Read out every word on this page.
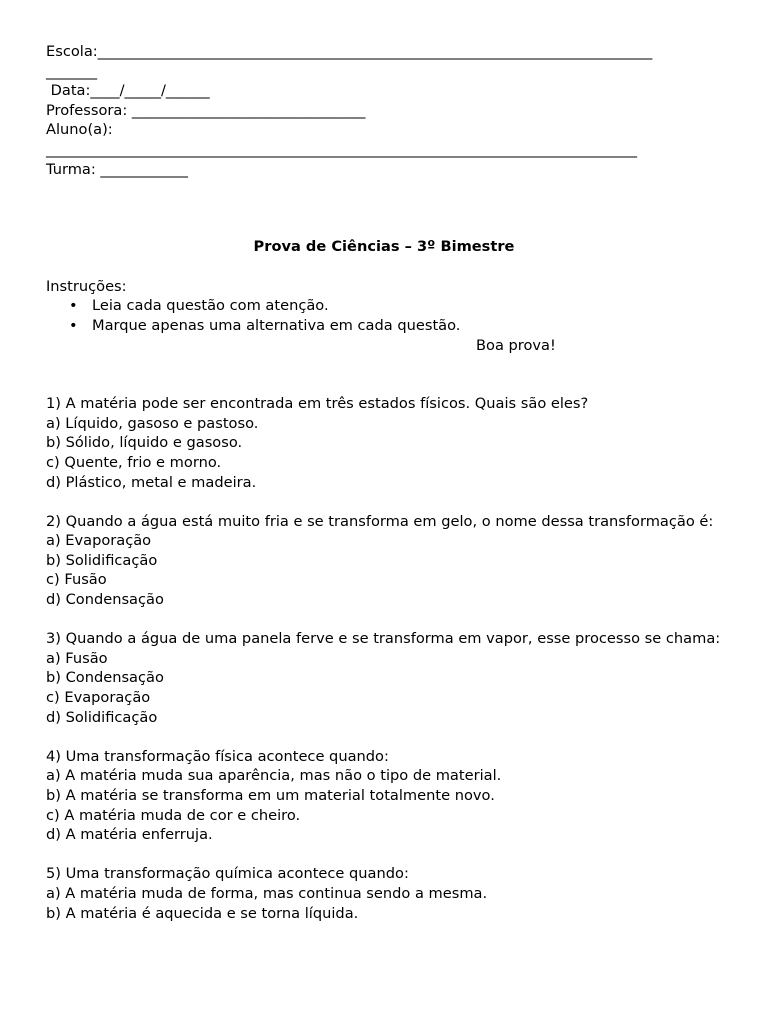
Escola:____________________________________________________________________________

_______

Data:____/_____/______

Professora: ________________________________

Aluno(a):

_________________________________________________________________________________

Turma: ____________

Prova de Ciências – 3º Bimestre

Instruções:

• Leia cada questão com atenção.
• Marque apenas uma alternativa em cada questão.

Boa prova!

1) A matéria pode ser encontrada em três estados físicos. Quais são eles?

a) Líquido, gasoso e pastoso.

b) Sólido, líquido e gasoso.

c) Quente, frio e morno.

d) Plástico, metal e madeira.

2) Quando a água está muito fria e se transforma em gelo, o nome dessa transformação é:

a) Evaporação

b) Solidificação

c) Fusão

d) Condensação

3) Quando a água de uma panela ferve e se transforma em vapor, esse processo se chama:

a) Fusão

b) Condensação

c) Evaporação

d) Solidificação

4) Uma transformação física acontece quando:

a) A matéria muda sua aparência, mas não o tipo de material.

b) A matéria se transforma em um material totalmente novo.

c) A matéria muda de cor e cheiro.

d) A matéria enferruja.

5) Uma transformação química acontece quando:

a) A matéria muda de forma, mas continua sendo a mesma.

b) A matéria é aquecida e se torna líquida.
